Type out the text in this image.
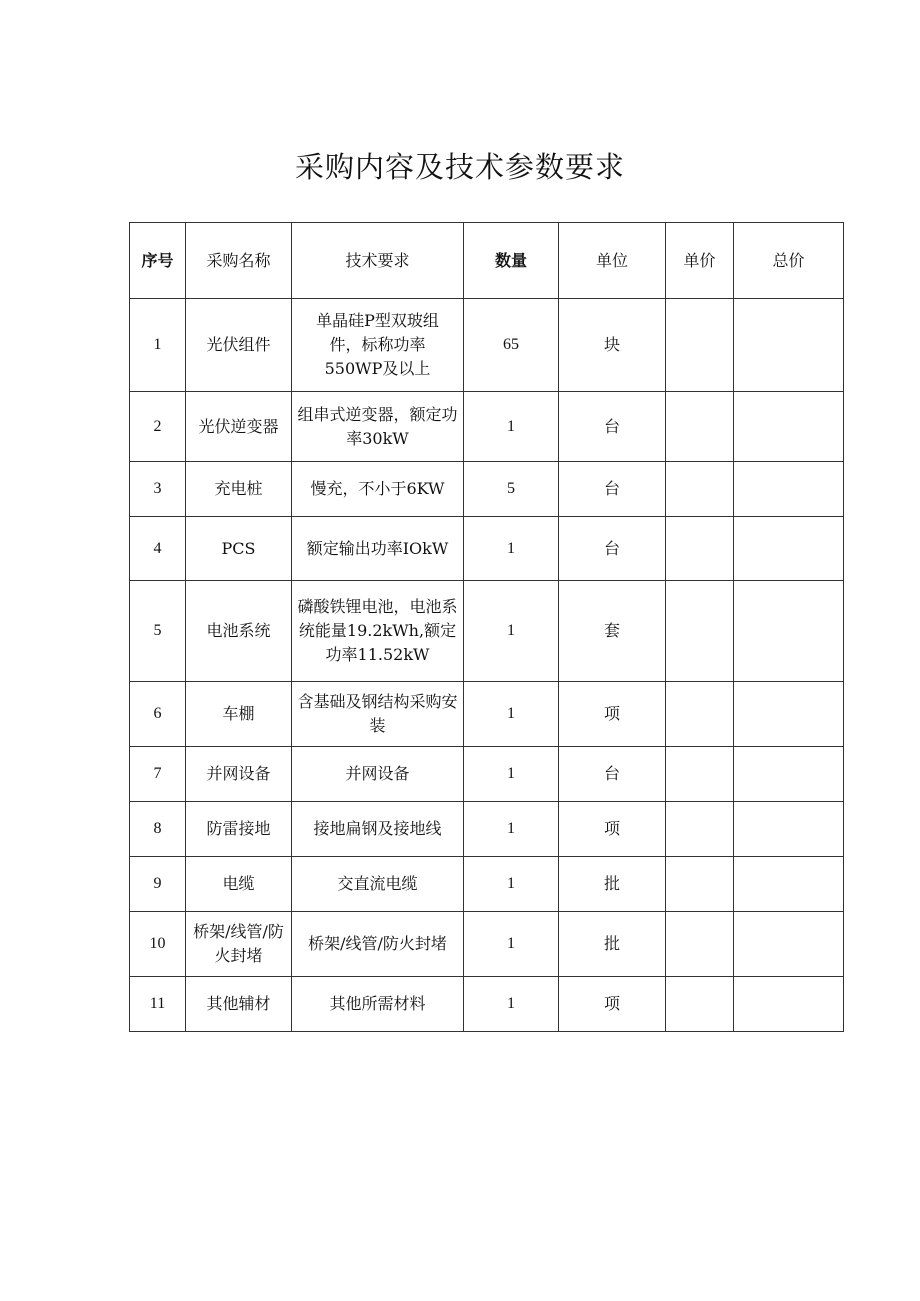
采购内容及技术参数要求
序号	采购名称	技术要求	数量	单位	单价	总价
1	光伏组件	单晶硅P型双玻组件，标称功率550WP及以上	65	块		
2	光伏逆变器	组串式逆变器，额定功率30kW	1	台		
3	充电桩	慢充，不小于6KW	5	台		
4	PCS	额定输出功率IOkW	1	台		
5	电池系统	磷酸铁锂电池，电池系统能量19.2kWh,额定功率11.52kW	1	套		
6	车棚	含基础及钢结构采购安装	1	项		
7	并网设备	并网设备	1	台		
8	防雷接地	接地扁钢及接地线	1	项		
9	电缆	交直流电缆	1	批		
10	桥架/线管/防火封堵	桥架/线管/防火封堵	1	批		
11	其他辅材	其他所需材料	1	项		
